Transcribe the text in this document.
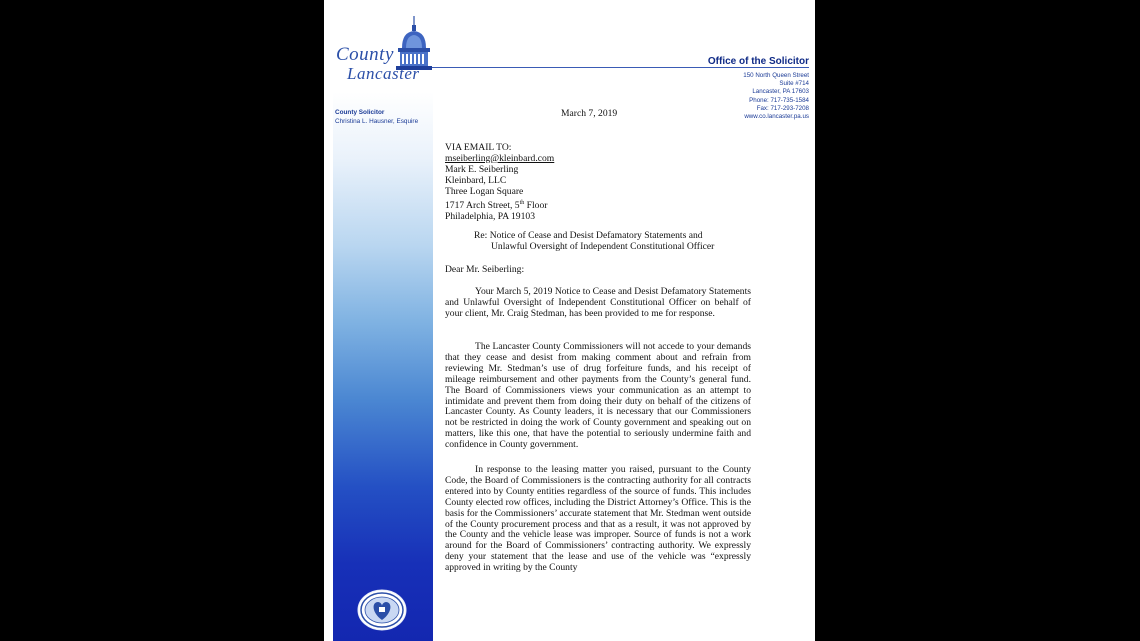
County
Lancaster
Office of the Solicitor
150 North Queen Street
Suite #714
Lancaster, PA 17603
Phone: 717-735-1584
Fax: 717-293-7208
www.co.lancaster.pa.us
County Solicitor
Christina L. Hausner, Esquire
March 7, 2019
VIA EMAIL TO:
mseiberling@kleinbard.com
Mark E. Seiberling
Kleinbard, LLC
Three Logan Square
1717 Arch Street, 5th Floor
Philadelphia, PA 19103
Re: Notice of Cease and Desist Defamatory Statements and
Unlawful Oversight of Independent Constitutional Officer
Dear Mr. Seiberling:

Your March 5, 2019 Notice to Cease and Desist Defamatory Statements and Unlawful Oversight of Independent Constitutional Officer on behalf of your client, Mr. Craig Stedman, has been provided to me for response.

The Lancaster County Commissioners will not accede to your demands that they cease and desist from making comment about and refrain from reviewing Mr. Stedman’s use of drug forfeiture funds, and his receipt of mileage reimbursement and other payments from the County’s general fund. The Board of Commissioners views your communication as an attempt to intimidate and prevent them from doing their duty on behalf of the citizens of Lancaster County. As County leaders, it is necessary that our Commissioners not be restricted in doing the work of County government and speaking out on matters, like this one, that have the potential to seriously undermine faith and confidence in County government.

In response to the leasing matter you raised, pursuant to the County Code, the Board of Commissioners is the contracting authority for all contracts entered into by County entities regardless of the source of funds. This includes County elected row offices, including the District Attorney’s Office. This is the basis for the Commissioners’ accurate statement that Mr. Stedman went outside of the County procurement process and that as a result, it was not approved by the County and the vehicle lease was improper. Source of funds is not a work around for the Board of Commissioners’ contracting authority. We expressly deny your statement that the lease and use of the vehicle was “expressly approved in writing by the County
